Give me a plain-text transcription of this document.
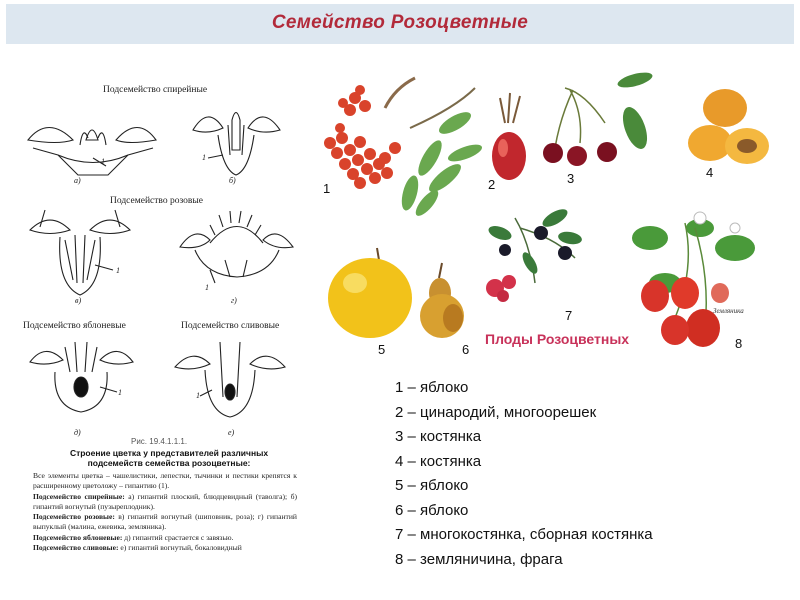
Семейство Розоцветные
Подсемейство спирейные
а)
1
б)
1
Подсемейство розовые
в)
1
г)
1
Подсемейство яблоневые	Подсемейство сливовые
д)
1
е)
1
Рис. 19.4.1.1.1.
Строение цветка у представителей различных подсемейств семейства розоцветные:
Все элементы цветка – чашелистики, лепестки, тычинки и пестики крепятся к расширенному цветоложу – гипантию (1).
Подсемейство спирейные: а) гипантий плоский, блюдцевидный (таволга); б) гипантий вогнутый (пузыреплодник).
Подсемейство розовые: в) гипантий вогнутый (шиповник, роза); г) гипантий выпуклый (малина, ежевика, земляника).
Подсемейство яблоневые: д) гипантий срастается с завязью.
Подсемейство сливовые: е) гипантий вогнутый, бокаловидный
1	2	3	4
5	6
7
8
Земляника
Плоды Розоцветных
1 – яблоко
2 – цинародий, многоорешек
3 – костянка
4 – костянка
5 – яблоко
6 – яблоко
7 – многокостянка, сборная костянка
8 – земляничина, фрага
